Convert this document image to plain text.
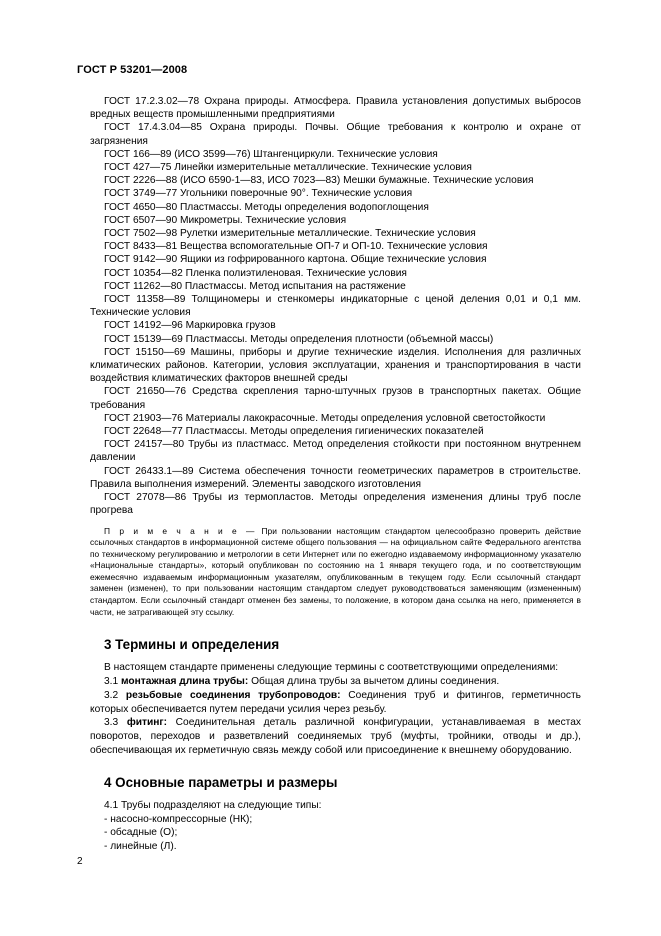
ГОСТ Р 53201—2008

ГОСТ 17.2.3.02—78 Охрана природы. Атмосфера. Правила установления допустимых выбросов вредных веществ промышленными предприятиями

ГОСТ 17.4.3.04—85 Охрана природы. Почвы. Общие требования к контролю и охране от загрязнения

ГОСТ 166—89 (ИСО 3599—76) Штангенциркули. Технические условия

ГОСТ 427—75 Линейки измерительные металлические. Технические условия

ГОСТ 2226—88 (ИСО 6590-1—83, ИСО 7023—83) Мешки бумажные. Технические условия

ГОСТ 3749—77 Угольники поверочные 90°. Технические условия

ГОСТ 4650—80 Пластмассы. Методы определения водопоглощения

ГОСТ 6507—90 Микрометры. Технические условия

ГОСТ 7502—98 Рулетки измерительные металлические. Технические условия

ГОСТ 8433—81 Вещества вспомогательные ОП-7 и ОП-10. Технические условия

ГОСТ 9142—90 Ящики из гофрированного картона. Общие технические условия

ГОСТ 10354—82 Пленка полиэтиленовая. Технические условия

ГОСТ 11262—80 Пластмассы. Метод испытания на растяжение

ГОСТ 11358—89 Толщиномеры и стенкомеры индикаторные с ценой деления 0,01 и 0,1 мм. Технические условия

ГОСТ 14192—96 Маркировка грузов

ГОСТ 15139—69 Пластмассы. Методы определения плотности (объемной массы)

ГОСТ 15150—69 Машины, приборы и другие технические изделия. Исполнения для различных климатических районов. Категории, условия эксплуатации, хранения и транспортирования в части воздействия климатических факторов внешней среды

ГОСТ 21650—76 Средства скрепления тарно-штучных грузов в транспортных пакетах. Общие требования

ГОСТ 21903—76 Материалы лакокрасочные. Методы определения условной светостойкости

ГОСТ 22648—77 Пластмассы. Методы определения гигиенических показателей

ГОСТ 24157—80 Трубы из пластмасс. Метод определения стойкости при постоянном внутреннем давлении

ГОСТ 26433.1—89 Система обеспечения точности геометрических параметров в строительстве. Правила выполнения измерений. Элементы заводского изготовления

ГОСТ 27078—86 Трубы из термопластов. Методы определения изменения длины труб после прогрева

П р и м е ч а н и е — При пользовании настоящим стандартом целесообразно проверить действие ссылочных стандартов в информационной системе общего пользования — на официальном сайте Федерального агентства по техническому регулированию и метрологии в сети Интернет или по ежегодно издаваемому информационному указателю «Национальные стандарты», который опубликован по состоянию на 1 января текущего года, и по соответствующим ежемесячно издаваемым информационным указателям, опубликованным в текущем году. Если ссылочный стандарт заменен (изменен), то при пользовании настоящим стандартом следует руководствоваться заменяющим (измененным) стандартом. Если ссылочный стандарт отменен без замены, то положение, в котором дана ссылка на него, применяется в части, не затрагивающей эту ссылку.

3 Термины и определения

В настоящем стандарте применены следующие термины с соответствующими определениями:

3.1 монтажная длина трубы: Общая длина трубы за вычетом длины соединения.

3.2 резьбовые соединения трубопроводов: Соединения труб и фитингов, герметичность которых обеспечивается путем передачи усилия через резьбу.

3.3 фитинг: Соединительная деталь различной конфигурации, устанавливаемая в местах поворотов, переходов и разветвлений соединяемых труб (муфты, тройники, отводы и др.), обеспечивающая их герметичную связь между собой или присоединение к внешнему оборудованию.

4 Основные параметры и размеры

4.1 Трубы подразделяют на следующие типы:

- насосно-компрессорные (НК);

- обсадные (О);

- линейные (Л).

2
